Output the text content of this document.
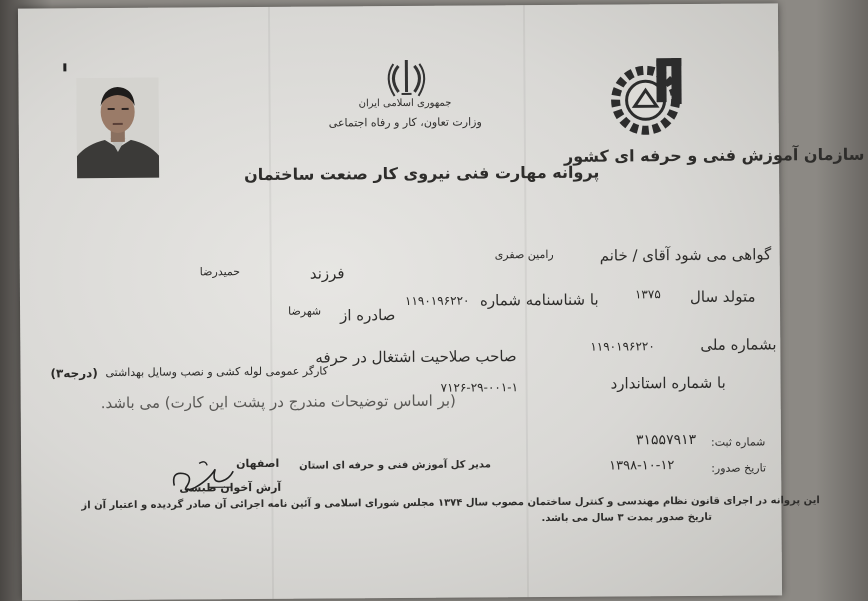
جمهوری اسلامی ایران
وزارت تعاون، کار و رفاه اجتماعی
سازمان آموزش فنی و حرفه ای کشور
پروانه مهارت فنی نیروی کار صنعت ساختمان
گواهی می شود آقای / خانم
رامین صفری
فرزند
حمیدرضا
متولد سال
۱۳۷۵
با شناسنامه شماره
۱۱۹۰۱۹۶۲۲۰
صادره از
شهرضا
بشماره ملی
۱۱۹۰۱۹۶۲۲۰
صاحب صلاحیت اشتغال در حرفه
(درجه۳) کارگر عمومی لوله کشی و نصب وسایل بهداشتی
با شماره استاندارد
۷۱۲۶-۲۹-۰۰۱-۱
(بر اساس توضیحات مندرج در پشت این کارت) می باشد.
شماره ثبت:
۳۱۵۵۷۹۱۳
تاریخ صدور:
۱۳۹۸-۱۰-۱۲
مدیر کل آموزش فنی و حرفه ای استان
اصفهان
آرش آخوان طبسی
این پروانه در اجرای قانون نظام مهندسی و کنترل ساختمان مصوب سال ۱۳۷۴ مجلس شورای اسلامی و آئین نامه اجرائی آن صادر گردیده و اعتبار آن از
تاریخ صدور بمدت ۳ سال می باشد.
